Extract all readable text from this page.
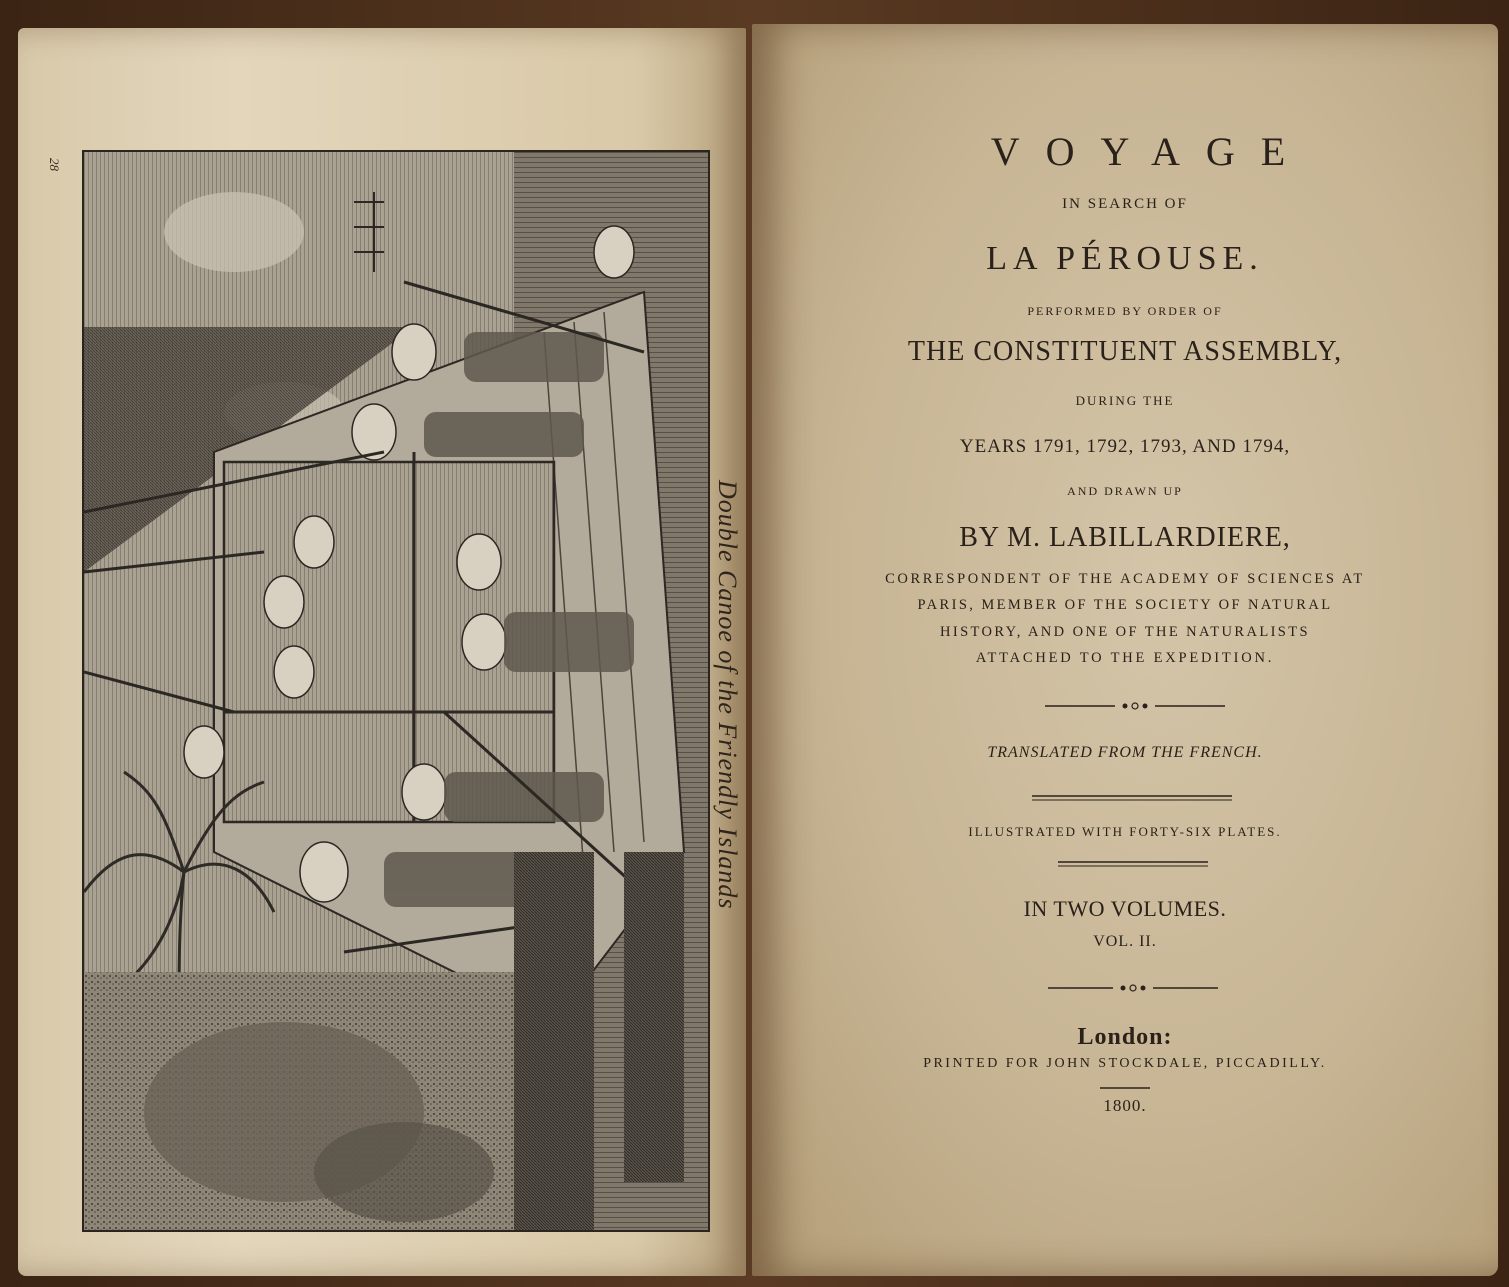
28
Double Canoe of the Friendly Islands
VOYAGE
IN SEARCH OF
LA PÉROUSE.
PERFORMED BY ORDER OF
THE CONSTITUENT ASSEMBLY,
DURING THE
YEARS 1791, 1792, 1793, AND 1794,
AND DRAWN UP
BY M. LABILLARDIERE,
CORRESPONDENT OF THE ACADEMY OF SCIENCES AT
PARIS, MEMBER OF THE SOCIETY OF NATURAL
HISTORY, AND ONE OF THE NATURALISTS
ATTACHED TO THE EXPEDITION.
TRANSLATED FROM THE FRENCH.
ILLUSTRATED WITH FORTY-SIX PLATES.
IN TWO VOLUMES.
VOL. II.
London:
PRINTED FOR JOHN STOCKDALE, PICCADILLY.
1800.
